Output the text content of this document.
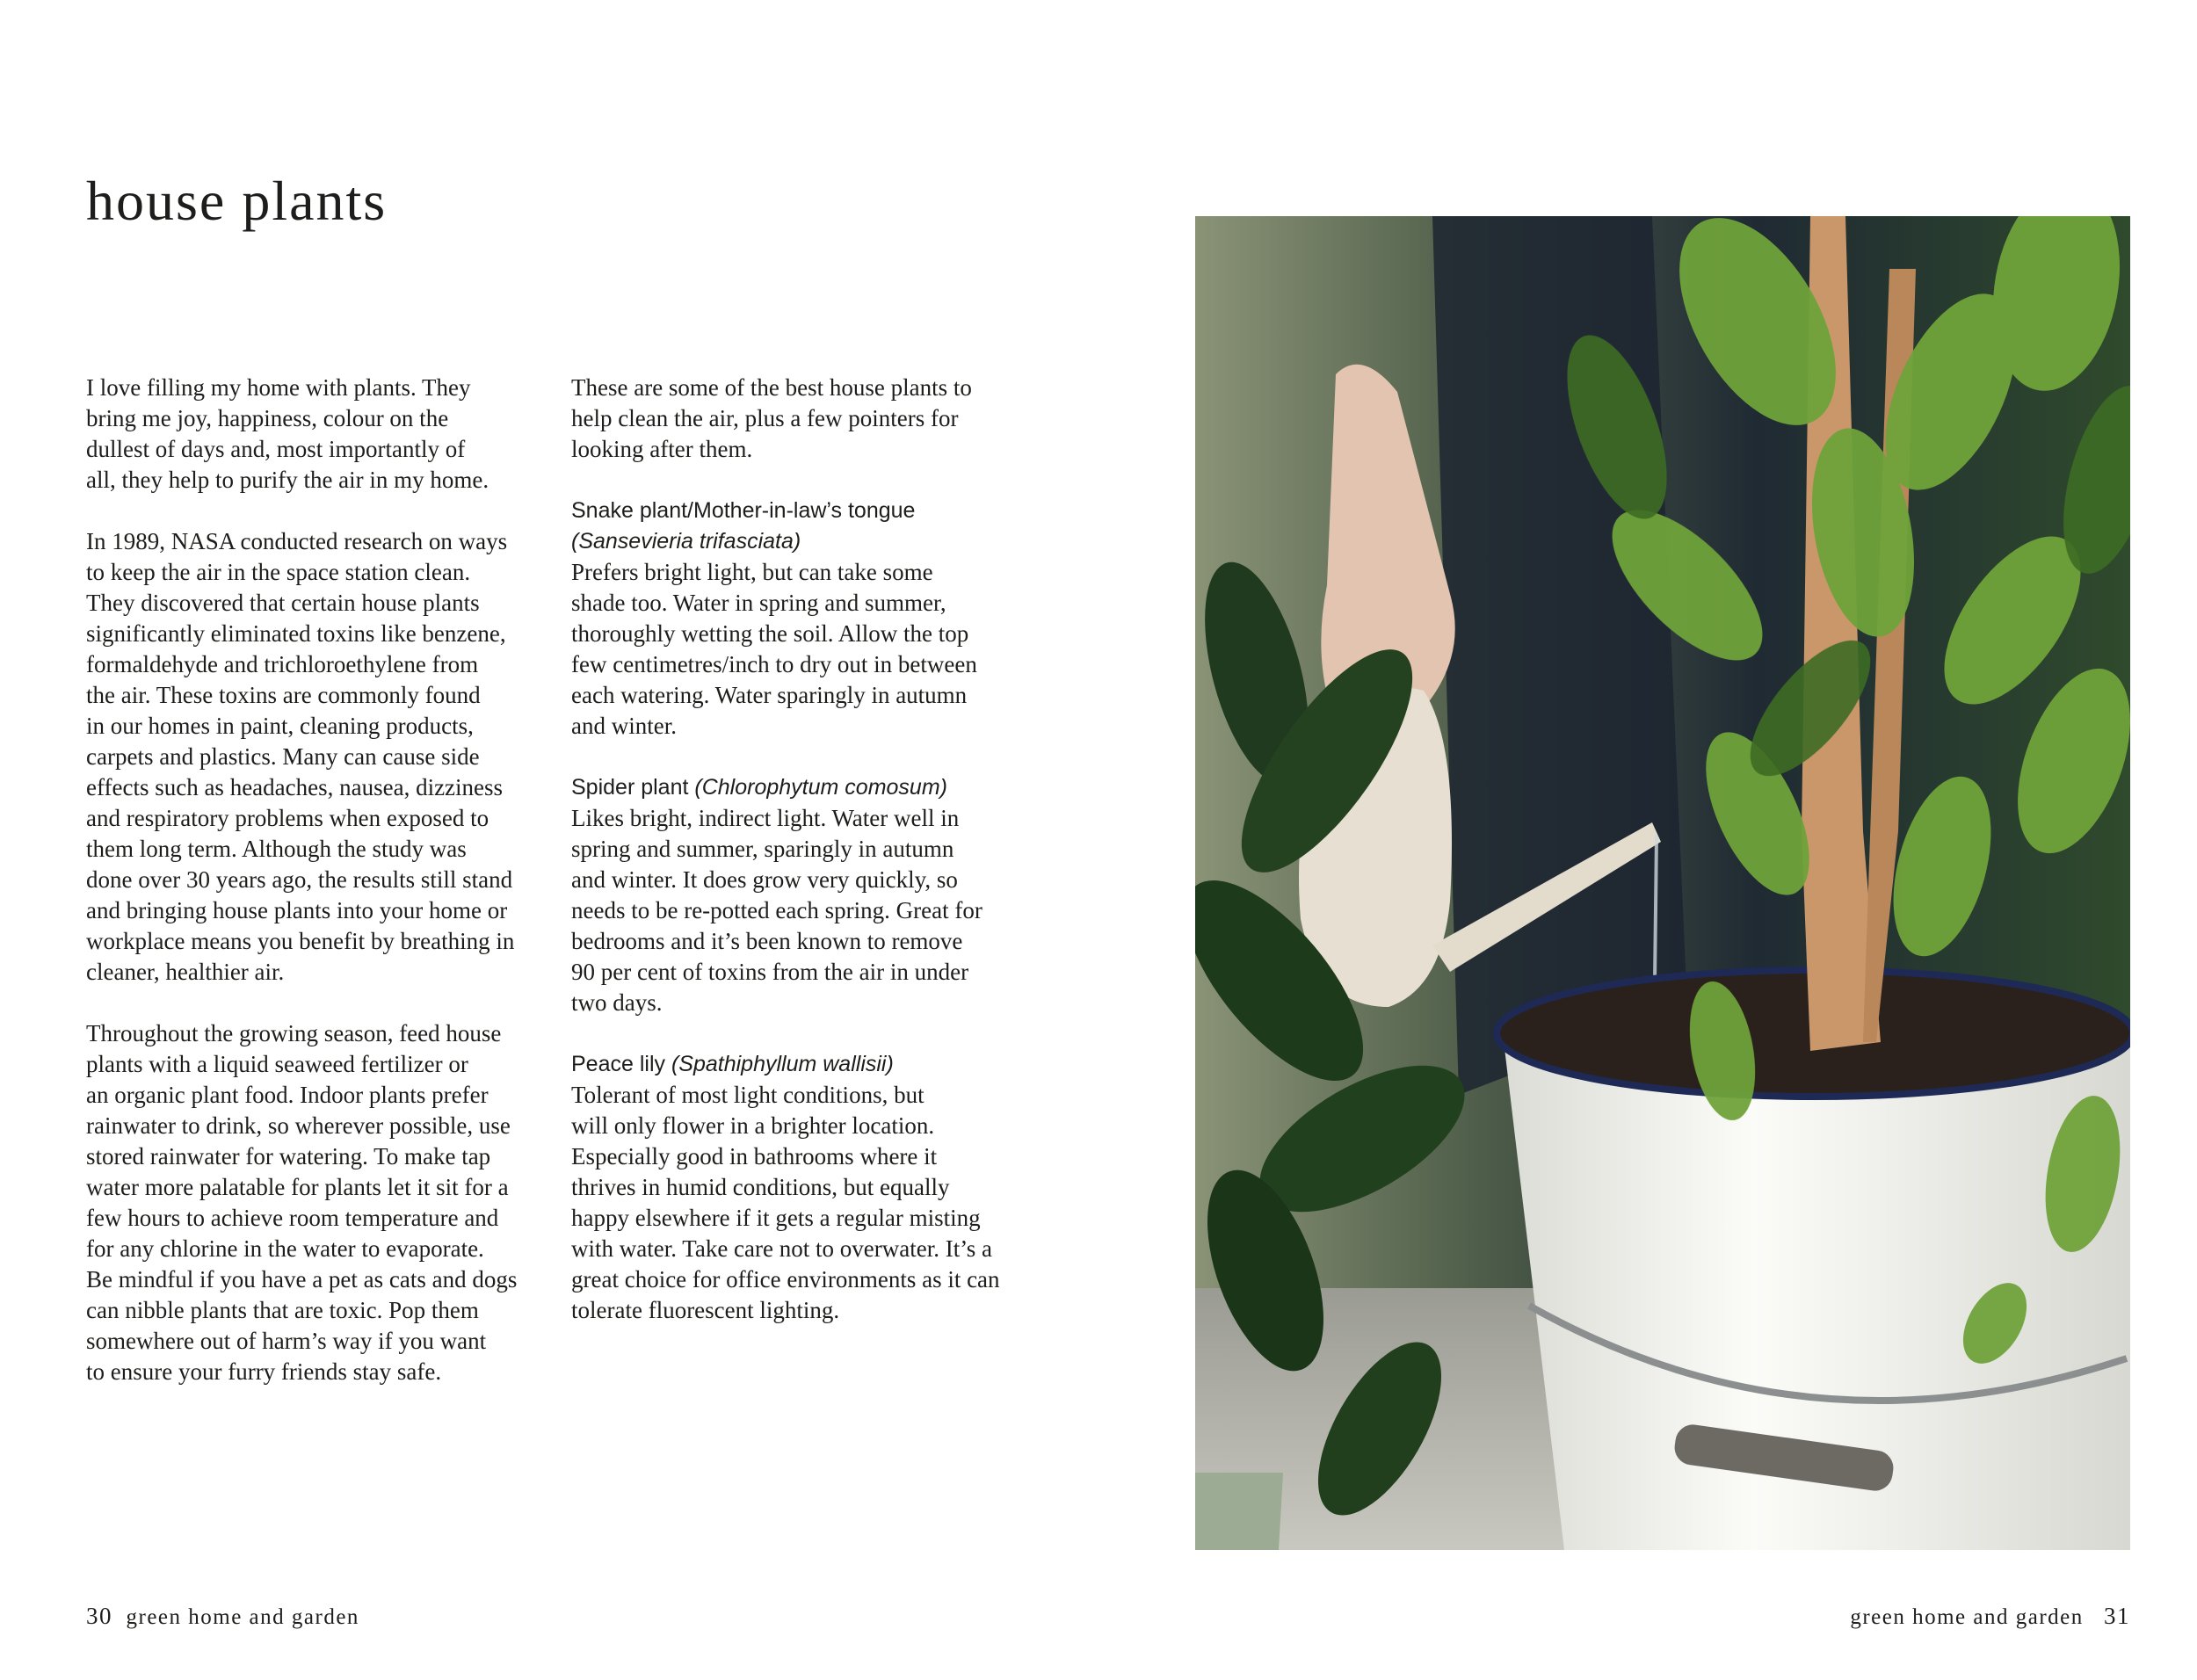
house plants

I love filling my home with plants. They
bring me joy, happiness, colour on the
dullest of days and, most importantly of
all, they help to purify the air in my home.

In 1989, NASA conducted research on ways
to keep the air in the space station clean.
They discovered that certain house plants
significantly eliminated toxins like benzene,
formaldehyde and trichloroethylene from
the air. These toxins are commonly found
in our homes in paint, cleaning products,
carpets and plastics. Many can cause side
effects such as headaches, nausea, dizziness
and respiratory problems when exposed to
them long term. Although the study was
done over 30 years ago, the results still stand
and bringing house plants into your home or
workplace means you benefit by breathing in
cleaner, healthier air.

Throughout the growing season, feed house
plants with a liquid seaweed fertilizer or
an organic plant food. Indoor plants prefer
rainwater to drink, so wherever possible, use
stored rainwater for watering. To make tap
water more palatable for plants let it sit for a
few hours to achieve room temperature and
for any chlorine in the water to evaporate.
Be mindful if you have a pet as cats and dogs
can nibble plants that are toxic. Pop them
somewhere out of harm’s way if you want
to ensure your furry friends stay safe.

These are some of the best house plants to
help clean the air, plus a few pointers for
looking after them.

Snake plant/Mother-in-law’s tongue
(Sansevieria trifasciata)
Prefers bright light, but can take some
shade too. Water in spring and summer,
thoroughly wetting the soil. Allow the top
few centimetres/inch to dry out in between
each watering. Water sparingly in autumn
and winter.
Spider plant (Chlorophytum comosum)
Likes bright, indirect light. Water well in
spring and summer, sparingly in autumn
and winter. It does grow very quickly, so
needs to be re-potted each spring. Great for
bedrooms and it’s been known to remove
90 per cent of toxins from the air in under
two days.
Peace lily (Spathiphyllum wallisii)
Tolerant of most light conditions, but
will only flower in a brighter location.
Especially good in bathrooms where it
thrives in humid conditions, but equally
happy elsewhere if it gets a regular misting
with water. Take care not to overwater. It’s a
great choice for office environments as it can
tolerate fluorescent lighting.
30 green home and garden	green home and garden 31
